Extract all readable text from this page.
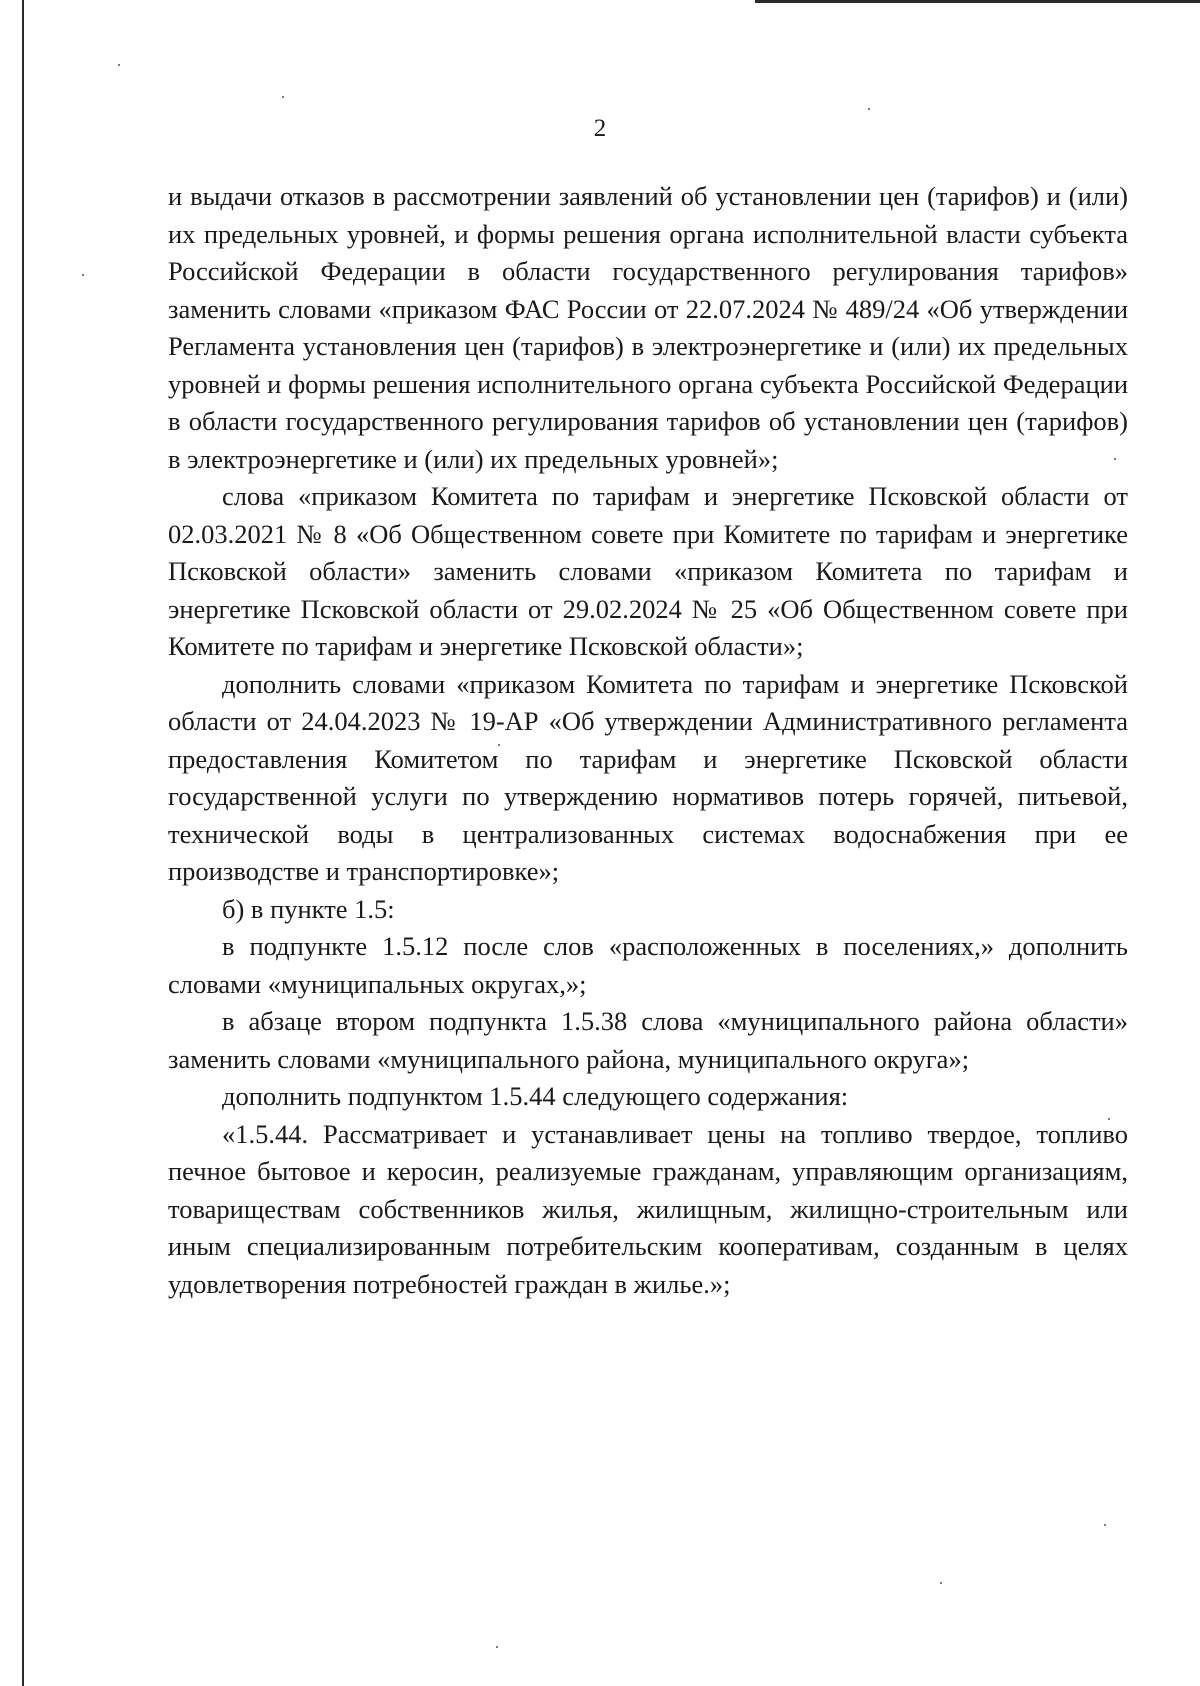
2

и выдачи отказов в рассмотрении заявлений об установлении цен (тарифов) и (или) их предельных уровней, и формы решения органа исполнительной власти субъекта Российской Федерации в области государственного регулирования тарифов» заменить словами «приказом ФАС России от 22.07.2024 № 489/24 «Об утверждении Регламента установления цен (тарифов) в электроэнергетике и (или) их предельных уровней и формы решения исполнительного органа субъекта Российской Федерации в области государственного регулирования тарифов об установлении цен (тарифов) в электроэнергетике и (или) их предельных уровней»;

слова «приказом Комитета по тарифам и энергетике Псковской области от 02.03.2021 № 8 «Об Общественном совете при Комитете по тарифам и энергетике Псковской области» заменить словами «приказом Комитета по тарифам и энергетике Псковской области от 29.02.2024 № 25 «Об Общественном совете при Комитете по тарифам и энергетике Псковской области»;

дополнить словами «приказом Комитета по тарифам и энергетике Псковской области от 24.04.2023 № 19-АР «Об утверждении Административного регламента предоставления Комитетом по тарифам и энергетике Псковской области государственной услуги по утверждению нормативов потерь горячей, питьевой, технической воды в централизованных системах водоснабжения при ее производстве и транспортировке»;

б) в пункте 1.5:

в подпункте 1.5.12 после слов «расположенных в поселениях,» дополнить словами «муниципальных округах,»;

в абзаце втором подпункта 1.5.38 слова «муниципального района области» заменить словами «муниципального района, муниципального округа»;

дополнить подпунктом 1.5.44 следующего содержания:

«1.5.44. Рассматривает и устанавливает цены на топливо твердое, топливо печное бытовое и керосин, реализуемые гражданам, управляющим организациям, товариществам собственников жилья, жилищным, жилищно-строительным или иным специализированным потребительским кооперативам, созданным в целях удовлетворения потребностей граждан в жилье.»;
